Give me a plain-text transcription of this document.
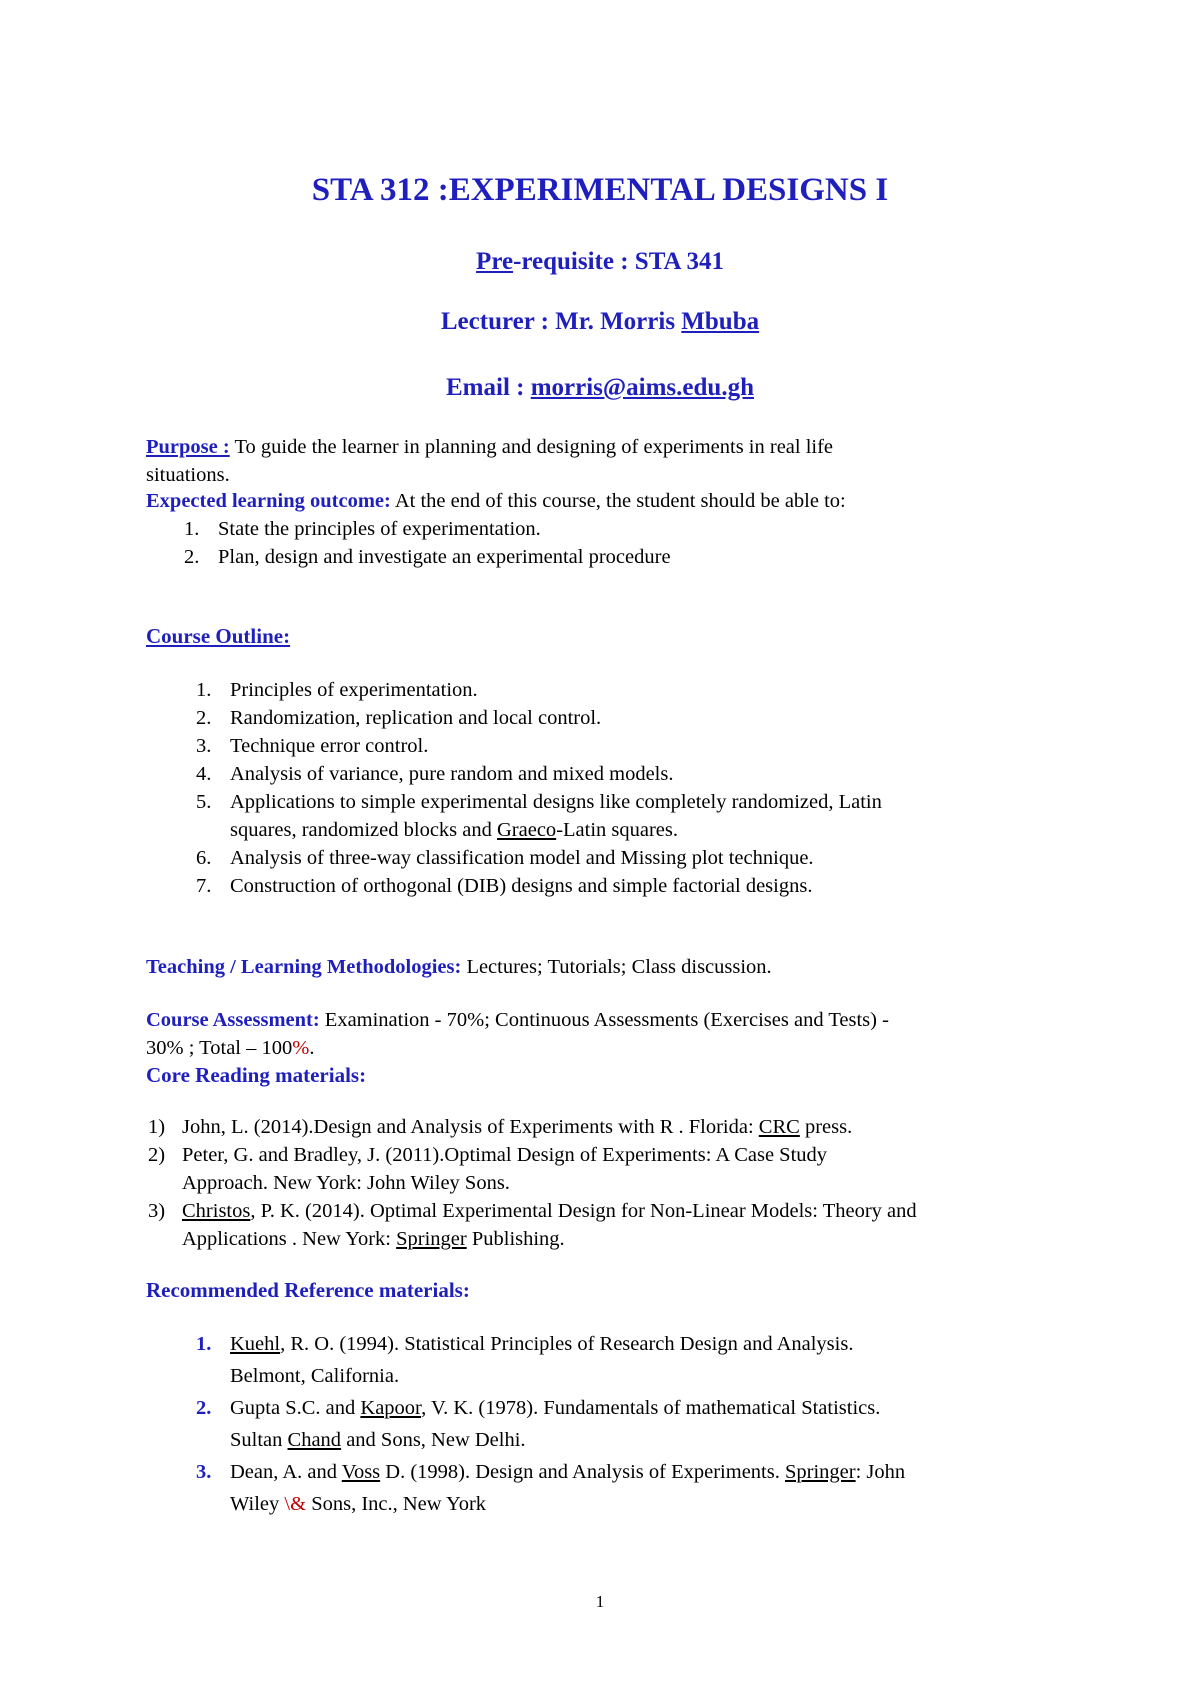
STA 312 :EXPERIMENTAL DESIGNS I
Pre-requisite : STA 341
Lecturer : Mr. Morris Mbuba
Email : morris@aims.edu.gh
Purpose : To guide the learner in planning and designing of experiments in real life
situations.
Expected learning outcome: At the end of this course, the student should be able to:
1. State the principles of experimentation.
2. Plan, design and investigate an experimental procedure
Course Outline:
1. Principles of experimentation.
2. Randomization, replication and local control.
3. Technique error control.
4. Analysis of variance, pure random and mixed models.
5. Applications to simple experimental designs like completely randomized, Latin
squares, randomized blocks and Graeco-Latin squares.
6. Analysis of three-way classification model and Missing plot technique.
7. Construction of orthogonal (DIB) designs and simple factorial designs.
Teaching / Learning Methodologies: Lectures; Tutorials; Class discussion.
Course Assessment: Examination - 70%; Continuous Assessments (Exercises and Tests) -
30% ; Total – 100%.
Core Reading materials:
1) John, L. (2014).Design and Analysis of Experiments with R . Florida: CRC press.
2) Peter, G. and Bradley, J. (2011).Optimal Design of Experiments: A Case Study
Approach. New York: John Wiley Sons.
3) Christos, P. K. (2014). Optimal Experimental Design for Non-Linear Models: Theory and
Applications . New York: Springer Publishing.
Recommended Reference materials:
1. Kuehl, R. O. (1994). Statistical Principles of Research Design and Analysis.
Belmont, California.
2. Gupta S.C. and Kapoor, V. K. (1978). Fundamentals of mathematical Statistics.
Sultan Chand and Sons, New Delhi.
3. Dean, A. and Voss D. (1998). Design and Analysis of Experiments. Springer: John
Wiley \& Sons, Inc., New York
1
